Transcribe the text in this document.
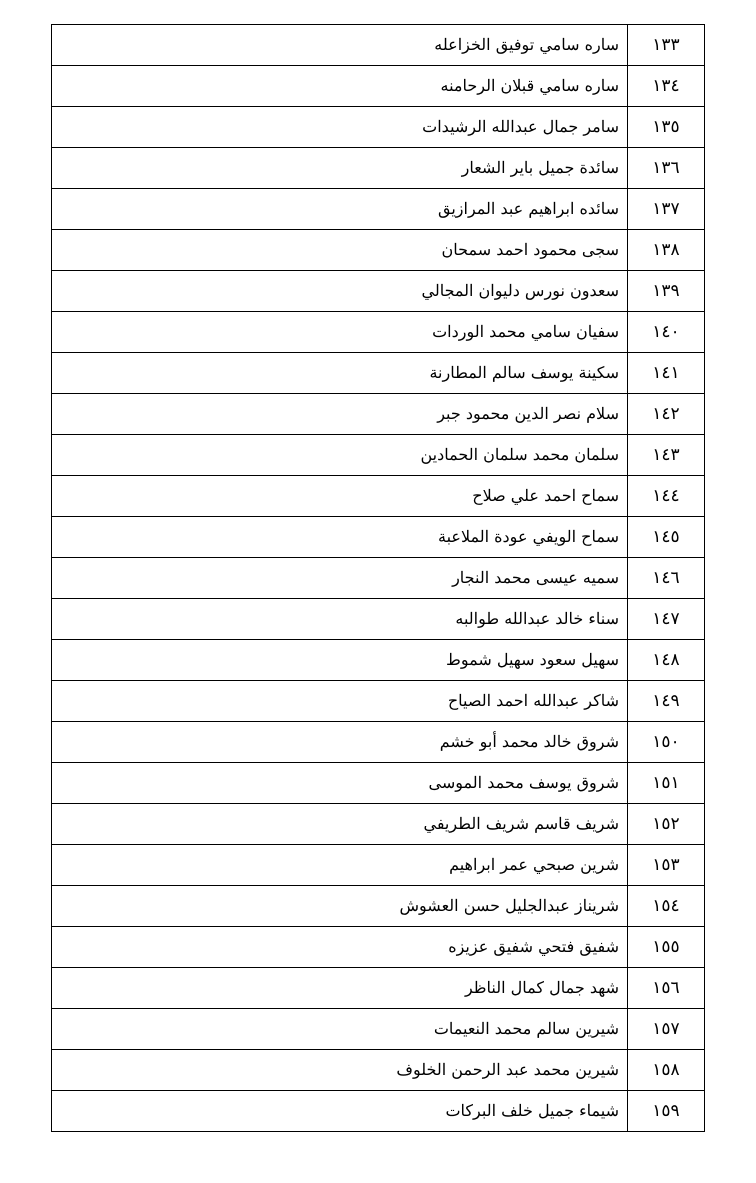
١٣٣	ساره سامي توفيق الخزاعله
١٣٤	ساره سامي قبلان الرحامنه
١٣٥	سامر جمال عبدالله الرشيدات
١٣٦	سائدة جميل باير الشعار
١٣٧	سائده ابراهيم عبد المرازيق
١٣٨	سجى محمود احمد سمحان
١٣٩	سعدون نورس دليوان المجالي
١٤٠	سفيان سامي محمد الوردات
١٤١	سكينة يوسف سالم المطارنة
١٤٢	سلام نصر الدين محمود جبر
١٤٣	سلمان محمد سلمان الحمادين
١٤٤	سماح احمد علي صلاح
١٤٥	سماح الويفي عودة الملاعبة
١٤٦	سميه عيسى محمد النجار
١٤٧	سناء خالد عبدالله طوالبه
١٤٨	سهيل سعود سهيل شموط
١٤٩	شاكر عبدالله احمد الصياح
١٥٠	شروق خالد محمد أبو خشم
١٥١	شروق يوسف محمد الموسى
١٥٢	شريف قاسم شريف الطريفي
١٥٣	شرين صبحي عمر ابراهيم
١٥٤	شريناز عبدالجليل حسن العشوش
١٥٥	شفيق فتحي شفيق عزيزه
١٥٦	شهد جمال كمال الناظر
١٥٧	شيرين سالم محمد النعيمات
١٥٨	شيرين محمد عبد الرحمن الخلوف
١٥٩	شيماء جميل خلف البركات
